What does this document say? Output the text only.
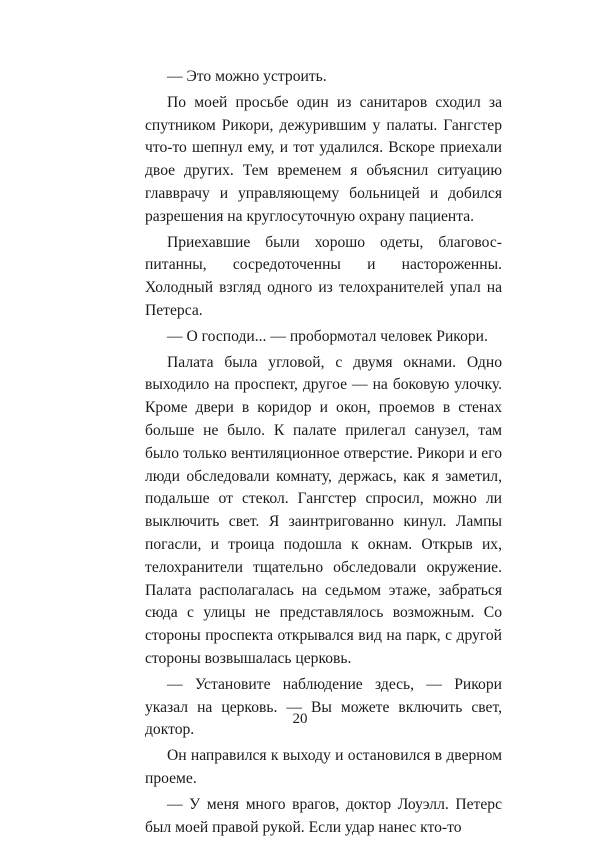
— Это можно устроить.

По моей просьбе один из санитаров сходил за спутником Рикори, дежурившим у палаты. Гангстер что-то шепнул ему, и тот удалился. Вскоре приехали двое других. Тем временем я объяснил ситуацию главврачу и управляющему больницей и добился разрешения на круглосуточную охрану пациента.

Приехавшие были хорошо одеты, благовоспитанны, сосредоточенны и настороженны. Холодный взгляд одного из телохранителей упал на Петерса.

— О господи... — пробормотал человек Рикори.

Палата была угловой, с двумя окнами. Одно выходило на проспект, другое — на боковую улочку. Кроме двери в коридор и окон, проемов в стенах больше не было. К палате прилегал санузел, там было только вентиляционное отверстие. Рикори и его люди обследовали комнату, держась, как я заметил, подальше от стекол. Гангстер спросил, можно ли выключить свет. Я заинтригованно кинул. Лампы погасли, и троица подошла к окнам. Открыв их, телохранители тщательно обследовали окружение. Палата располагалась на седьмом этаже, забраться сюда с улицы не представлялось возможным. Со стороны проспекта открывался вид на парк, с другой стороны возвышалась церковь.

— Установите наблюдение здесь, — Рикори указал на церковь. — Вы можете включить свет, доктор.

Он направился к выходу и остановился в дверном проеме.

— У меня много врагов, доктор Лоуэлл. Петерс был моей правой рукой. Если удар нанес кто-то

20
